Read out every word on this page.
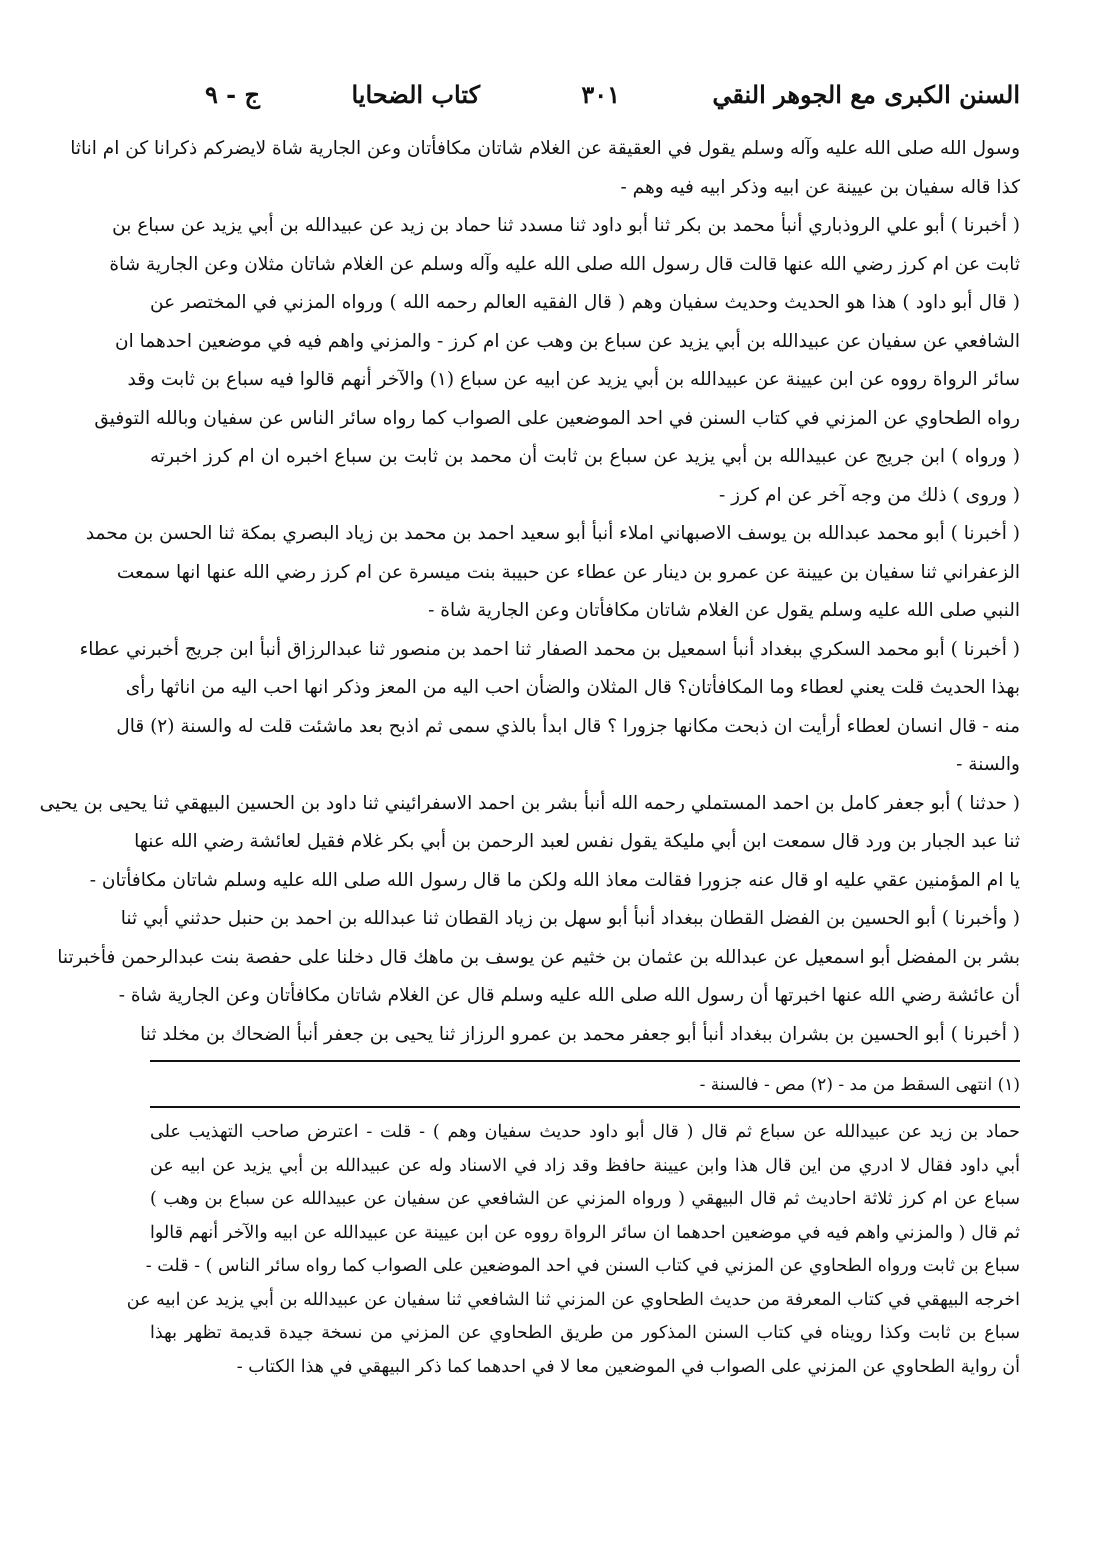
السنن الكبرى مع الجوهر النقي
٣٠١
كتاب الضحايا
ج - ٩
وسول الله صلى الله عليه وآله وسلم يقول في العقيقة عن الغلام شاتان مكافأتان وعن الجارية شاة لايضركم ذكرانا كن ام اناثا
كذا قاله سفيان بن عيينة عن ابيه وذكر ابيه فيه وهم -
( أخبرنا ) أبو علي الروذباري أنبأ محمد بن بكر ثنا أبو داود ثنا مسدد ثنا حماد بن زيد عن عبيدالله بن أبي يزيد عن سباع بن
ثابت عن ام كرز رضي الله عنها قالت قال رسول الله صلى الله عليه وآله وسلم عن الغلام شاتان مثلان وعن الجارية شاة
( قال أبو داود ) هذا هو الحديث وحديث سفيان وهم ( قال الفقيه العالم رحمه الله ) ورواه المزني في المختصر عن
الشافعي عن سفيان عن عبيدالله بن أبي يزيد عن سباع بن وهب عن ام كرز - والمزني واهم فيه في موضعين احدهما ان
سائر الرواة رووه عن ابن عيينة عن عبيدالله بن أبي يزيد عن ابيه عن سباع (١) والآخر أنهم قالوا فيه سباع بن ثابت وقد
رواه الطحاوي عن المزني في كتاب السنن في احد الموضعين على الصواب كما رواه سائر الناس عن سفيان وبالله التوفيق
( ورواه ) ابن جريج عن عبيدالله بن أبي يزيد عن سباع بن ثابت أن محمد بن ثابت بن سباع اخبره ان ام كرز اخبرته
( وروى ) ذلك من وجه آخر عن ام كرز -
( أخبرنا ) أبو محمد عبدالله بن يوسف الاصبهاني املاء أنبأ أبو سعيد احمد بن محمد بن زياد البصري بمكة ثنا الحسن بن محمد
الزعفراني ثنا سفيان بن عيينة عن عمرو بن دينار عن عطاء عن حبيبة بنت ميسرة عن ام كرز رضي الله عنها انها سمعت
النبي صلى الله عليه وسلم يقول عن الغلام شاتان مكافأتان وعن الجارية شاة -
( أخبرنا ) أبو محمد السكري ببغداد أنبأ اسمعيل بن محمد الصفار ثنا احمد بن منصور ثنا عبدالرزاق أنبأ ابن جريج أخبرني عطاء
بهذا الحديث قلت يعني لعطاء وما المكافأتان؟ قال المثلان والضأن احب اليه من المعز وذكر انها احب اليه من اناثها رأى
منه - قال انسان لعطاء أرأيت ان ذبحت مكانها جزورا ؟ قال ابدأ بالذي سمى ثم اذبح بعد ماشئت قلت له والسنة (٢) قال
والسنة -
( حدثنا ) أبو جعفر كامل بن احمد المستملي رحمه الله أنبأ بشر بن احمد الاسفرائيني ثنا داود بن الحسين البيهقي ثنا يحيى بن يحيى
ثنا عبد الجبار بن ورد قال سمعت ابن أبي مليكة يقول نفس لعبد الرحمن بن أبي بكر غلام فقيل لعائشة رضي الله عنها
يا ام المؤمنين عقي عليه او قال عنه جزورا فقالت معاذ الله ولكن ما قال رسول الله صلى الله عليه وسلم شاتان مكافأتان -
( وأخبرنا ) أبو الحسين بن الفضل القطان ببغداد أنبأ أبو سهل بن زياد القطان ثنا عبدالله بن احمد بن حنبل حدثني أبي ثنا
بشر بن المفضل أبو اسمعيل عن عبدالله بن عثمان بن خثيم عن يوسف بن ماهك قال دخلنا على حفصة بنت عبدالرحمن فأخبرتنا
أن عائشة رضي الله عنها اخبرتها أن رسول الله صلى الله عليه وسلم قال عن الغلام شاتان مكافأتان وعن الجارية شاة -
( أخبرنا ) أبو الحسين بن بشران ببغداد أنبأ أبو جعفر محمد بن عمرو الرزاز ثنا يحيى بن جعفر أنبأ الضحاك بن مخلد ثنا
(١) انتهى السقط من مد - (٢) مص - فالسنة -
حماد بن زيد عن عبيدالله عن سباع ثم قال ( قال أبو داود حديث سفيان وهم ) - قلت - اعترض صاحب التهذيب على
أبي داود فقال لا ادري من اين قال هذا وابن عيينة حافظ وقد زاد في الاسناد وله عن عبيدالله بن أبي يزيد عن ابيه عن
سباع عن ام كرز ثلاثة احاديث ثم قال البيهقي ( ورواه المزني عن الشافعي عن سفيان عن عبيدالله عن سباع بن وهب )
ثم قال ( والمزني واهم فيه في موضعين احدهما ان سائر الرواة رووه عن ابن عيينة عن عبيدالله عن ابيه والآخر أنهم قالوا
سباع بن ثابت ورواه الطحاوي عن المزني في كتاب السنن في احد الموضعين على الصواب كما رواه سائر الناس ) - قلت -
اخرجه البيهقي في كتاب المعرفة من حديث الطحاوي عن المزني ثنا الشافعي ثنا سفيان عن عبيدالله بن أبي يزيد عن ابيه عن
سباع بن ثابت وكذا رويناه في كتاب السنن المذكور من طريق الطحاوي عن المزني من نسخة جيدة قديمة تظهر بهذا
أن رواية الطحاوي عن المزني على الصواب في الموضعين معا لا في احدهما كما ذكر البيهقي في هذا الكتاب -
